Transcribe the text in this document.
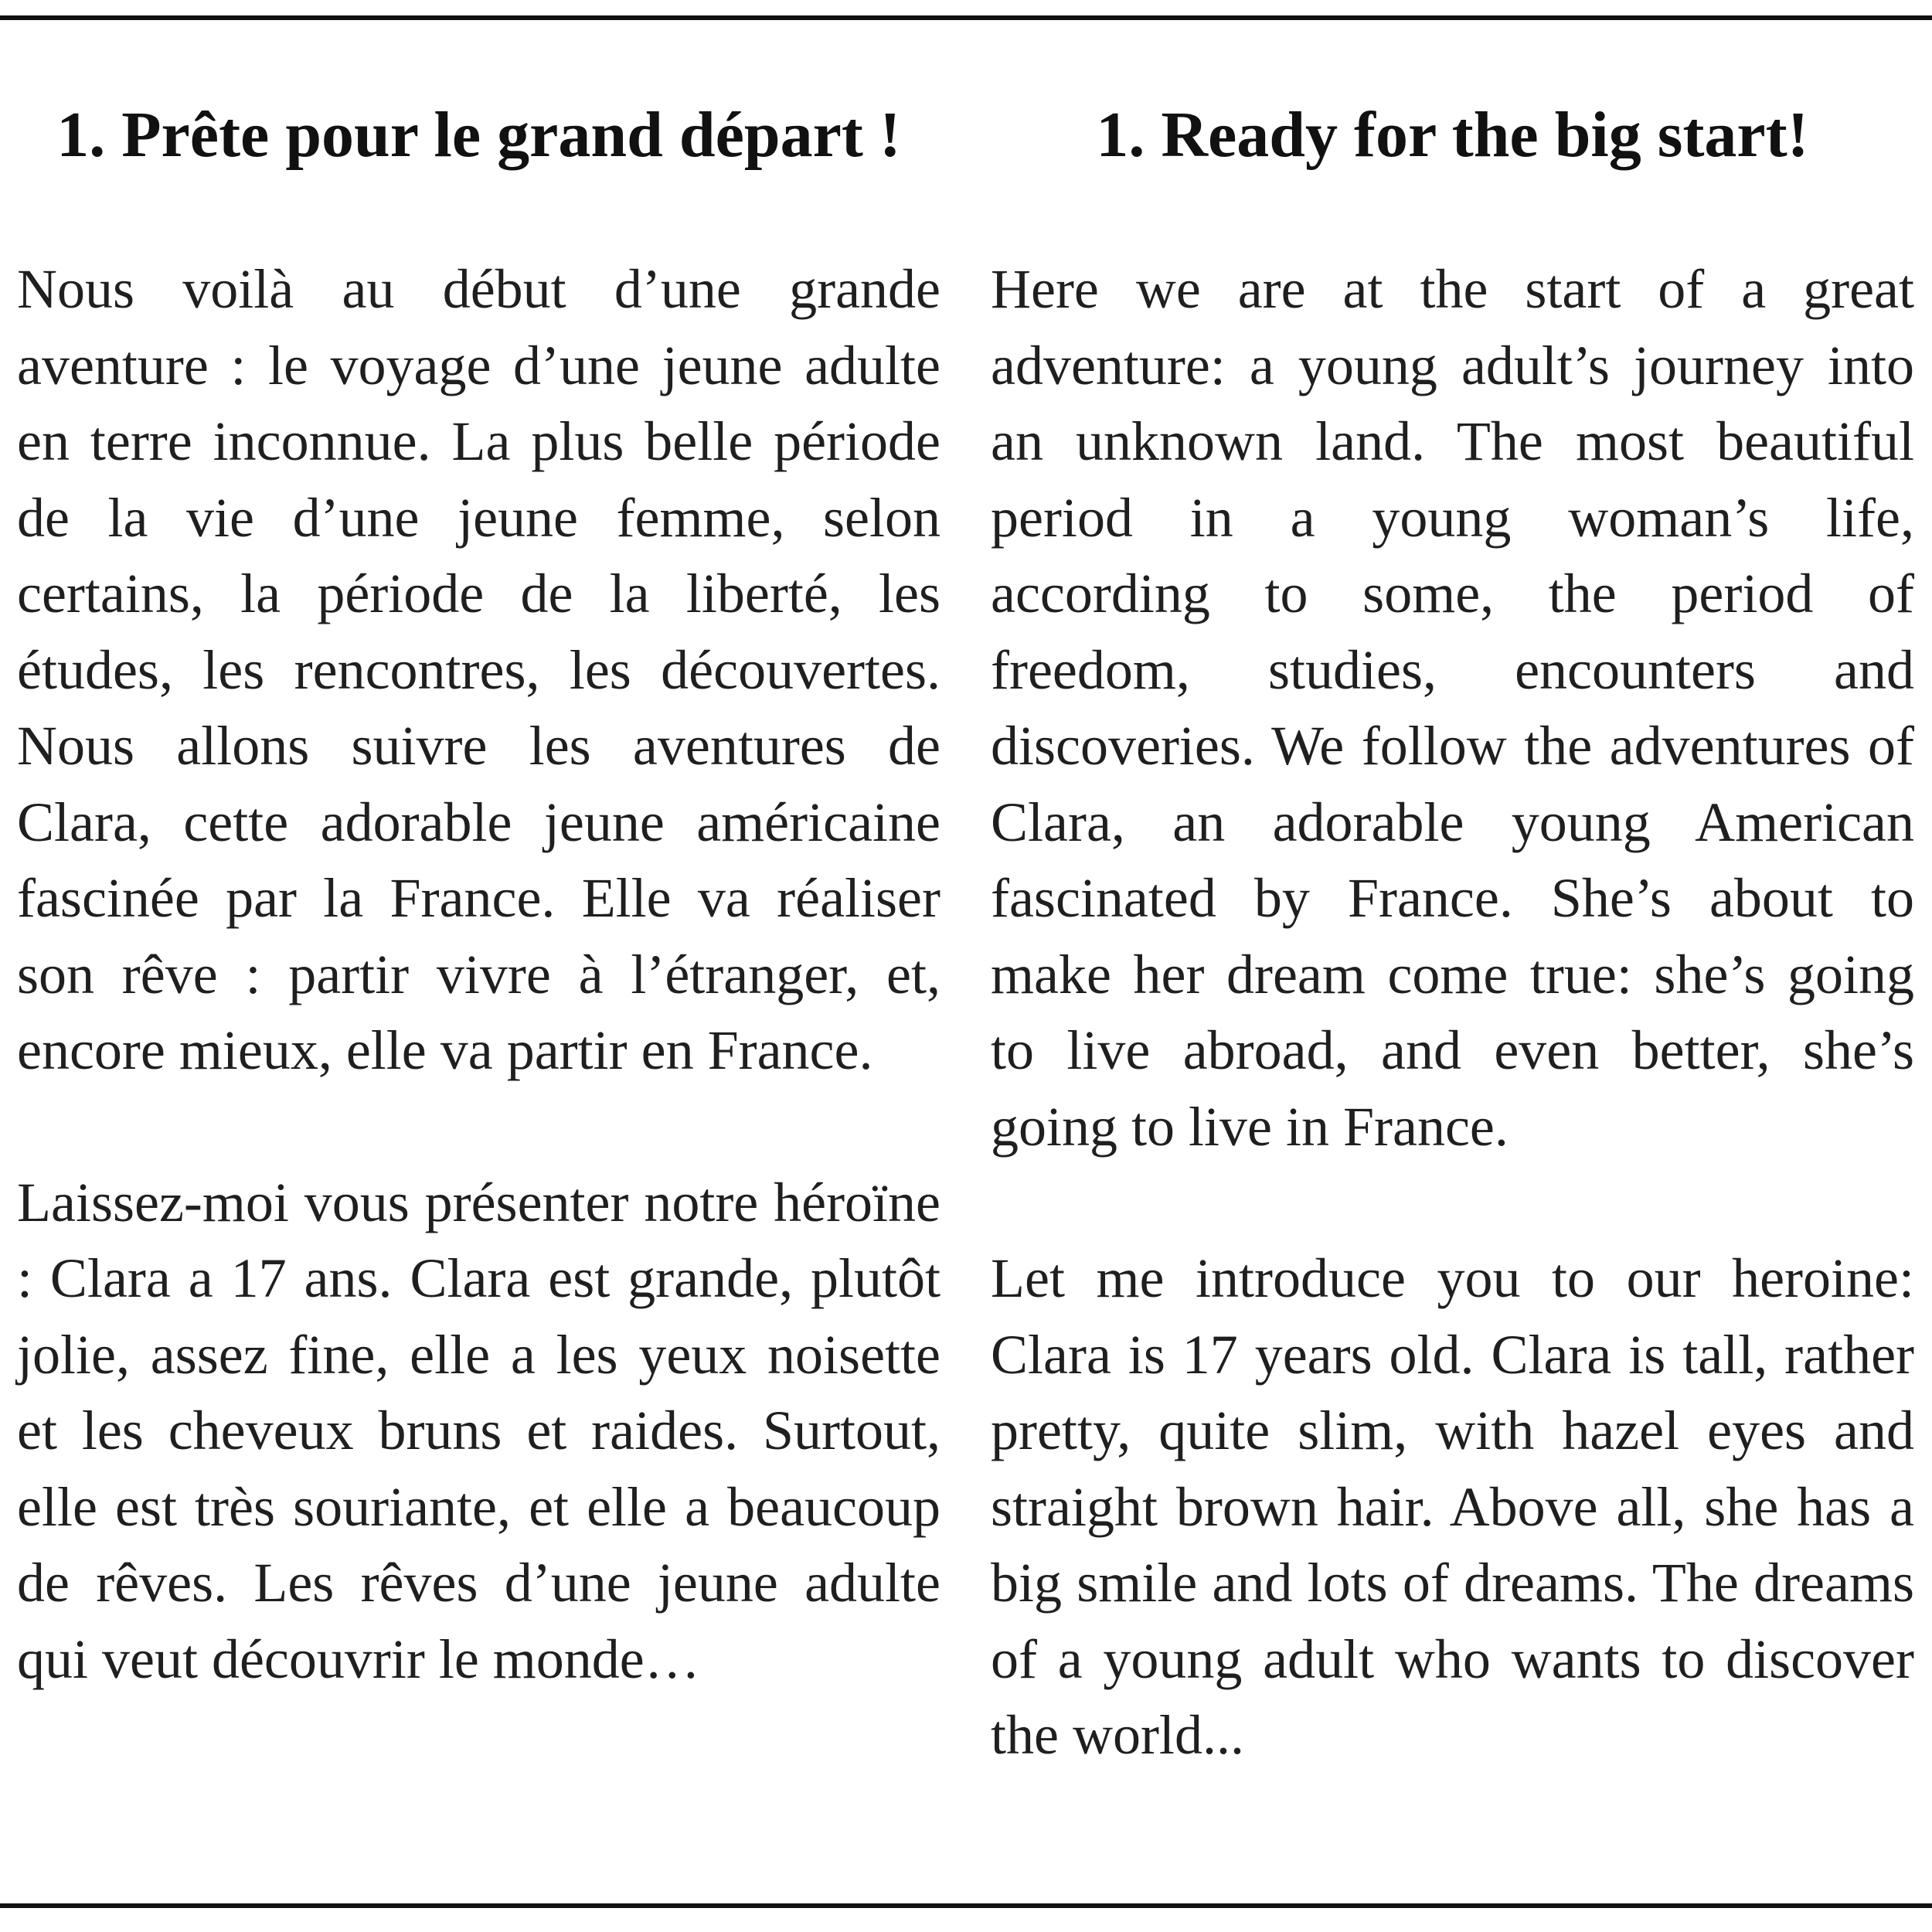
1. Prête pour le grand départ !

Nous voilà au début d’une grande aventure : le voyage d’une jeune adulte en terre inconnue. La plus belle période de la vie d’une jeune femme, selon certains, la période de la liberté, les études, les rencontres, les découvertes. Nous allons suivre les aventures de Clara, cette adorable jeune américaine fascinée par la France. Elle va réaliser son rêve : partir vivre à l’étranger, et, encore mieux, elle va partir en France.

Laissez-moi vous présenter notre héroïne : Clara a 17 ans. Clara est grande, plutôt jolie, assez fine, elle a les yeux noisette et les cheveux bruns et raides. Surtout, elle est très souriante, et elle a beaucoup de rêves. Les rêves d’une jeune adulte qui veut découvrir le monde…

1. Ready for the big start!

Here we are at the start of a great adventure: a young adult’s journey into an unknown land. The most beautiful period in a young woman’s life, according to some, the period of freedom, studies, encounters and discoveries. We follow the adventures of Clara, an adorable young American fascinated by France. She’s about to make her dream come true: she’s going to live abroad, and even better, she’s going to live in France.

Let me introduce you to our heroine: Clara is 17 years old. Clara is tall, rather pretty, quite slim, with hazel eyes and straight brown hair. Above all, she has a big smile and lots of dreams. The dreams of a young adult who wants to discover the world...
